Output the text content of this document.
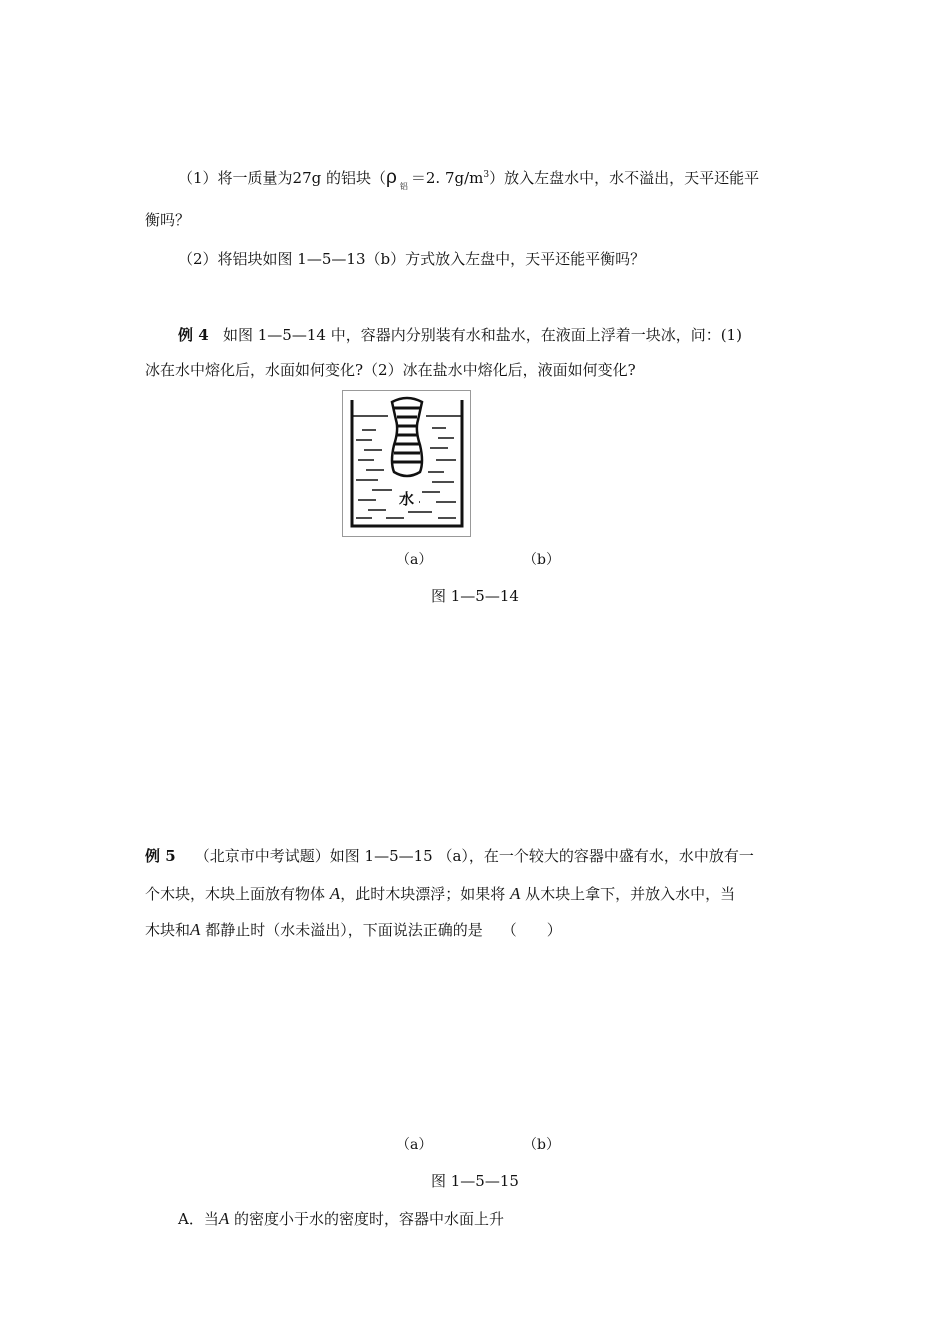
（1）将一质量为27g 的铝块（ρ $_铝$ ＝2. $7g/m^3$）放入左盘水中，水不溢出，天平还能平
衡吗？
（2）将铝块如图 1—5—13（b）方式放入左盘中，天平还能平衡吗？
例 4 如图 1—5—14 中，容器内分别装有水和盐水，在液面上浮着一块冰，问：(1)
冰在水中熔化后，水面如何变化?（2）冰在盐水中熔化后，液面如何变化?
水
（a）	（b）
图 1—5—14
例 5 （北京市中考试题）如图 1—5—15 （a），在一个较大的容器中盛有水，水中放有一
个木块，木块上面放有物体 A，此时木块漂浮；如果将 A 从木块上拿下，并放入水中，当
木块和A 都静止时（水未溢出），下面说法正确的是 （　　）
（a）	（b）
图 1—5—15
A．当A 的密度小于水的密度时，容器中水面上升
